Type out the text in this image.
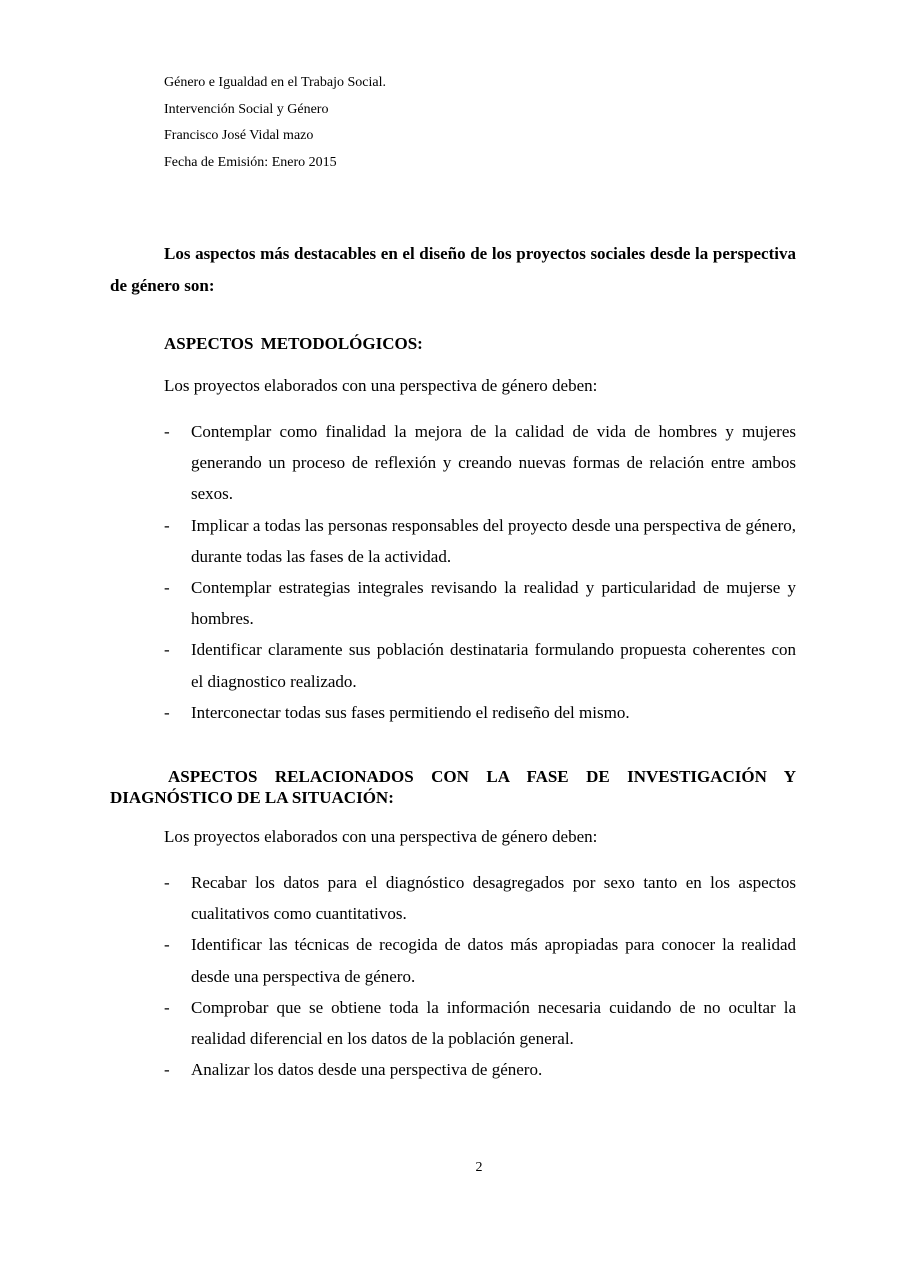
Género e Igualdad en el Trabajo Social.
Intervención Social y Género
Francisco José Vidal mazo
Fecha de Emisión: Enero 2015
Los aspectos más destacables en el diseño de los proyectos sociales desde la perspectiva de género son:
ASPECTOS METODOLÓGICOS:
Los proyectos elaborados con una perspectiva de género deben:
- Contemplar como finalidad la mejora de la calidad de vida de hombres y mujeres generando un proceso de reflexión y creando nuevas formas de relación entre ambos sexos.
- Implicar a todas las personas responsables del proyecto desde una perspectiva de género, durante todas las fases de la actividad.
- Contemplar estrategias integrales revisando la realidad y particularidad de mujerse y hombres.
- Identificar claramente sus población destinataria formulando propuesta coherentes con el diagnostico realizado.
- Interconectar todas sus fases permitiendo el rediseño del mismo.
ASPECTOS RELACIONADOS CON LA FASE DE INVESTIGACIÓN Y DIAGNÓSTICO DE LA SITUACIÓN:
Los proyectos elaborados con una perspectiva de género deben:
- Recabar los datos para el diagnóstico desagregados por sexo tanto en los aspectos cualitativos como cuantitativos.
- Identificar las técnicas de recogida de datos más apropiadas para conocer la realidad desde una perspectiva de género.
- Comprobar que se obtiene toda la información necesaria cuidando de no ocultar la realidad diferencial en los datos de la población general.
- Analizar los datos desde una perspectiva de género.
2
